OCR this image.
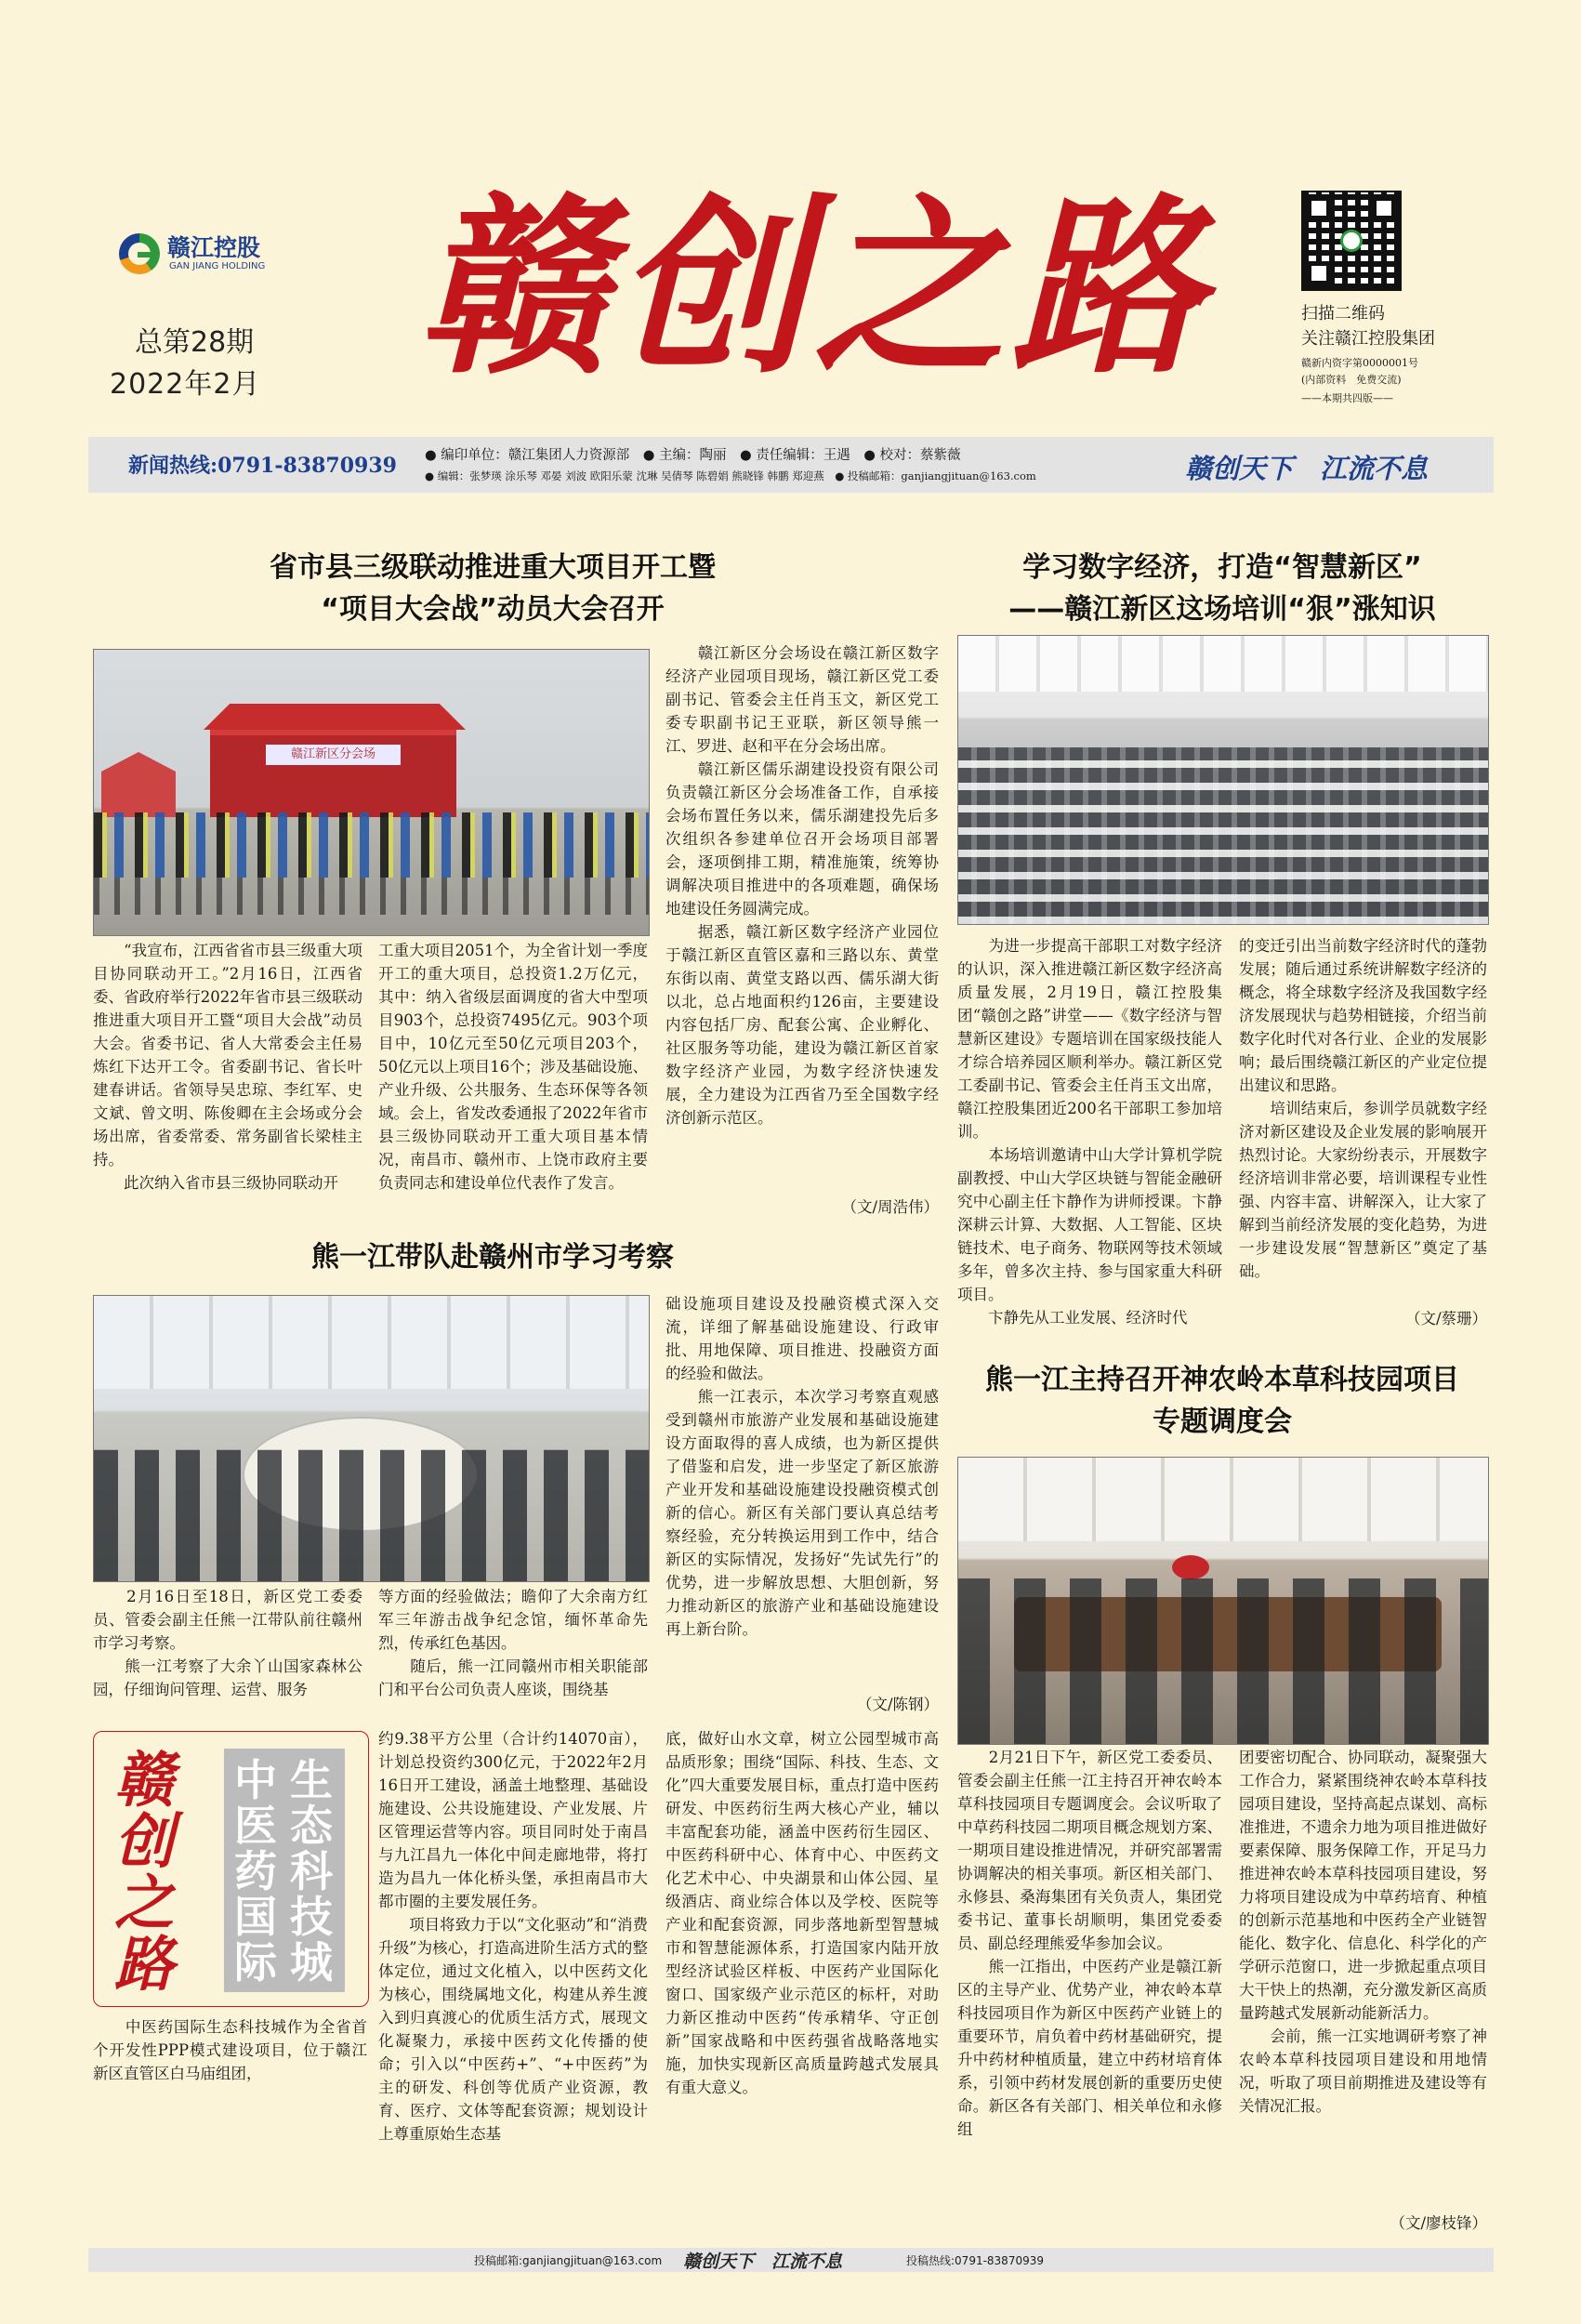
赣江控股
GAN JIANG HOLDING
总第28期
2022年2月 赣创之路	扫描二维码
关注赣江控股集团
赣新内资字第0000001号
(内部资料　免费交流)
——本期共四版——
新闻热线:0791-83870939 ● 编印单位：赣江集团人力资源部　● 主编：陶丽　● 责任编辑：王遇　● 校对：蔡紫薇
● 编辑：张梦瑛 涂乐琴 邓晏 刘波 欧阳乐蒙 沈琳 吴倩琴 陈碧娟 熊晓锋 韩鹏 郑迎燕　● 投稿邮箱：ganjiangjituan@163.com	赣创天下　江流不息
省市县三级联动推进重大项目开工暨
“项目大会战”动员大会召开
赣江新区分会场
　　“我宣布，江西省省市县三级重大项目协同联动开工。”2月16日，江西省委、省政府举行2022年省市县三级联动推进重大项目开工暨“项目大会战”动员大会。省委书记、省人大常委会主任易炼红下达开工令。省委副书记、省长叶建春讲话。省领导吴忠琼、李红军、史文斌、曾文明、陈俊卿在主会场或分会场出席，省委常委、常务副省长梁桂主持。
　　此次纳入省市县三级协同联动开
工重大项目2051个，为全省计划一季度开工的重大项目，总投资1.2万亿元，其中：纳入省级层面调度的省大中型项目903个，总投资7495亿元。903个项目中，10亿元至50亿元项目203个，50亿元以上项目16个；涉及基础设施、产业升级、公共服务、生态环保等各领域。会上，省发改委通报了2022年省市县三级协同联动开工重大项目基本情况，南昌市、赣州市、上饶市政府主要负责同志和建设单位代表作了发言。
　　赣江新区分会场设在赣江新区数字经济产业园项目现场，赣江新区党工委副书记、管委会主任肖玉文，新区党工委专职副书记王亚联，新区领导熊一江、罗进、赵和平在分会场出席。
　　赣江新区儒乐湖建设投资有限公司负责赣江新区分会场准备工作，自承接会场布置任务以来，儒乐湖建投先后多次组织各参建单位召开会场项目部署会，逐项倒排工期，精准施策，统筹协调解决项目推进中的各项难题，确保场地建设任务圆满完成。
　　据悉，赣江新区数字经济产业园位于赣江新区直管区嘉和三路以东、黄堂东街以南、黄堂支路以西、儒乐湖大街以北，总占地面积约126亩，主要建设内容包括厂房、配套公寓、企业孵化、社区服务等功能，建设为赣江新区首家数字经济产业园，为数字经济快速发展，全力建设为江西省乃至全国数字经济创新示范区。
（文/周浩伟）
学习数字经济，打造“智慧新区”
——赣江新区这场培训“狠”涨知识
　　为进一步提高干部职工对数字经济的认识，深入推进赣江新区数字经济高质量发展，2月19日，赣江控股集团“赣创之路”讲堂——《数字经济与智慧新区建设》专题培训在国家级技能人才综合培养园区顺利举办。赣江新区党工委副书记、管委会主任肖玉文出席，赣江控股集团近200名干部职工参加培训。
　　本场培训邀请中山大学计算机学院副教授、中山大学区块链与智能金融研究中心副主任卞静作为讲师授课。卞静深耕云计算、大数据、人工智能、区块链技术、电子商务、物联网等技术领域多年，曾多次主持、参与国家重大科研项目。
　　卞静先从工业发展、经济时代
的变迁引出当前数字经济时代的蓬勃发展；随后通过系统讲解数字经济的概念，将全球数字经济及我国数字经济发展现状与趋势相链接，介绍当前数字化时代对各行业、企业的发展影响；最后围绕赣江新区的产业定位提出建议和思路。
　　培训结束后，参训学员就数字经济对新区建设及企业发展的影响展开热烈讨论。大家纷纷表示，开展数字经济培训非常必要，培训课程专业性强、内容丰富、讲解深入，让大家了解到当前经济发展的变化趋势，为进一步建设发展“智慧新区”奠定了基础。
（文/蔡珊）
熊一江带队赴赣州市学习考察
　　2月16日至18日，新区党工委委员、管委会副主任熊一江带队前往赣州市学习考察。
　　熊一江考察了大余丫山国家森林公园，仔细询问管理、运营、服务
等方面的经验做法；瞻仰了大余南方红军三年游击战争纪念馆，缅怀革命先烈，传承红色基因。
　　随后，熊一江同赣州市相关职能部门和平台公司负责人座谈，围绕基
础设施项目建设及投融资模式深入交流，详细了解基础设施建设、行政审批、用地保障、项目推进、投融资方面的经验和做法。
　　熊一江表示，本次学习考察直观感受到赣州市旅游产业发展和基础设施建设方面取得的喜人成绩，也为新区提供了借鉴和启发，进一步坚定了新区旅游产业开发和基础设施建设投融资模式创新的信心。新区有关部门要认真总结考察经验，充分转换运用到工作中，结合新区的实际情况，发扬好“先试先行”的优势，进一步解放思想、大胆创新，努力推动新区的旅游产业和基础设施建设再上新台阶。
（文/陈钢）
熊一江主持召开神农岭本草科技园项目
专题调度会
　　2月21日下午，新区党工委委员、管委会副主任熊一江主持召开神农岭本草科技园项目专题调度会。会议听取了中草药科技园二期项目概念规划方案、一期项目建设推进情况，并研究部署需协调解决的相关事项。新区相关部门、永修县、桑海集团有关负责人，集团党委书记、董事长胡顺明，集团党委委员、副总经理熊爱华参加会议。
　　熊一江指出，中医药产业是赣江新区的主导产业、优势产业，神农岭本草科技园项目作为新区中医药产业链上的重要环节，肩负着中药材基础研究，提升中药材种植质量，建立中药材培育体系，引领中药材发展创新的重要历史使命。新区各有关部门、相关单位和永修组
团要密切配合、协同联动，凝聚强大工作合力，紧紧围绕神农岭本草科技园项目建设，坚持高起点谋划、高标准推进，不遗余力地为项目推进做好要素保障、服务保障工作，开足马力推进神农岭本草科技园项目建设，努力将项目建设成为中草药培育、种植的创新示范基地和中医药全产业链智能化、数字化、信息化、科学化的产学研示范窗口，进一步掀起重点项目大干快上的热潮，充分激发新区高质量跨越式发展新动能新活力。
　　会前，熊一江实地调研考察了神农岭本草科技园项目建设和用地情况，听取了项目前期推进及建设等有关情况汇报。
（文/廖枝锋）
赣创之路
中
医
药
国
际
生
态
科
技
城
　　中医药国际生态科技城作为全省首个开发性PPP模式建设项目，位于赣江新区直管区白马庙组团，
约9.38平方公里（合计约14070亩），计划总投资约300亿元，于2022年2月16日开工建设，涵盖土地整理、基础设施建设、公共设施建设、产业发展、片区管理运营等内容。项目同时处于南昌与九江昌九一体化中间走廊地带，将打造为昌九一体化桥头堡，承担南昌市大都市圈的主要发展任务。
　　项目将致力于以“文化驱动”和“消费升级”为核心，打造高进阶生活方式的整体定位，通过文化植入，以中医药文化为核心，围绕属地文化，构建从养生渡入到归真渡心的优质生活方式，展现文化凝聚力，承接中医药文化传播的使命；引入以“中医药+”、“+中医药”为主的研发、科创等优质产业资源，教育、医疗、文体等配套资源；规划设计上尊重原始生态基
底，做好山水文章，树立公园型城市高品质形象；围绕“国际、科技、生态、文化”四大重要发展目标，重点打造中医药研发、中医药衍生两大核心产业，辅以丰富配套功能，涵盖中医药衍生园区、中医药科研中心、体育中心、中医药文化艺术中心、中央湖景和山体公园、星级酒店、商业综合体以及学校、医院等产业和配套资源，同步落地新型智慧城市和智慧能源体系，打造国家内陆开放型经济试验区样板、中医药产业国际化窗口、国家级产业示范区的标杆，对助力新区推动中医药“传承精华、守正创新”国家战略和中医药强省战略落地实施，加快实现新区高质量跨越式发展具有重大意义。
投稿邮箱:ganjiangjituan@163.com 赣创天下　江流不息	投稿热线:0791-83870939
